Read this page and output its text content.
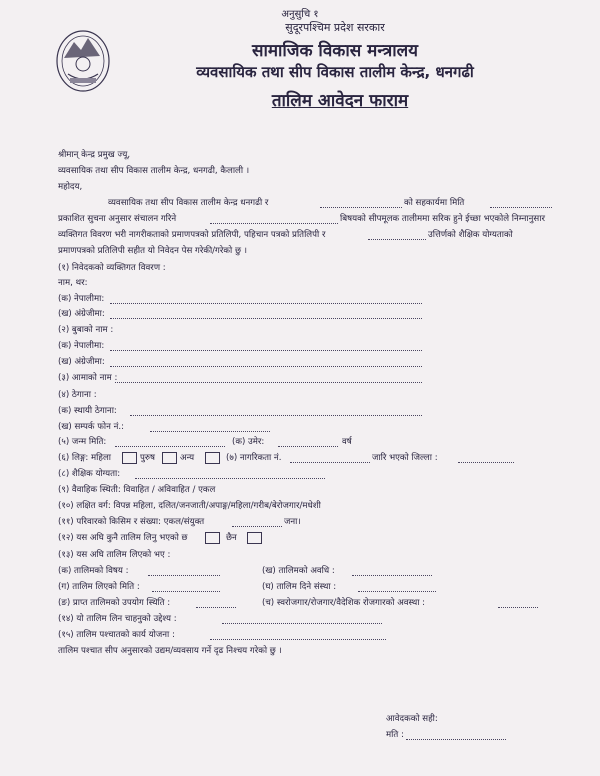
अनुसुचि १
सुदूरपश्चिम प्रदेश सरकार
सामाजिक विकास मन्त्रालय
व्यवसायिक तथा सीप विकास तालीम केन्द्र, धनगढी
तालिम आवेदन फाराम
श्रीमान् केन्द्र प्रमुख ज्यू,
व्यवसायिक तथा सीप विकास तालीम केन्द्र, धनगढी, कैलाली ।
महोदय,
व्यवसायिक तथा सीप विकास तालीम केन्द्र धनगढी र	को सहकार्यमा मिति
प्रकाशित सुचना अनुसार संचालन गरिने	बिषयको सीपमूलक तालीममा सरिक हुने ईच्छा भएकोले निम्नानुसार
व्यक्तिगत विवरण भरी नागरीकताको प्रमाणपत्रको प्रतिलिपी, पहिचान पत्रको प्रतिलिपी र	उत्तिर्णको शैक्षिक योग्यताको
प्रमाणपत्रको प्रतिलिपी सहीत यो निवेदन पेस गरेकी/गरेको छु ।
(१) निवेदकको व्यक्तिगत विवरण :
नाम, थर:
(क) नेपालीमा:
(ख) अंग्रेजीमा:
(२) बुबाको नाम :
(क) नेपालीमा:
(ख) अंग्रेजीमा:
(३) आमाको नाम :
(४) ठेगाना :
(क) स्थायी ठेगाना:
(ख) सम्पर्क फोन नं.:
(५) जन्म मिति:	(क) उमेर:	वर्ष
(६) लिङ्ग: महिला	पुरुष	अन्य	(७) नागरिकता नं.	जारि भएको जिल्ला :
(८) शैक्षिक योग्यता:
(९) वैवाहिक स्थिती: विवाहित / अविवाहित / एकल
(१०) लक्षित वर्ग: विपन्न महिला, दलित/जनजाती/अपाङ्ग/महिला/गरीब/बेरोजगार/मधेशी
(११) परिवारको किसिम र संख्या: एकल/संयुक्त	जना।
(१२) यस अघि कुनै तालिम लिनु भएको छ	छैन
(१३) यस अघि तालिम लिएको भए :
(क) तालिमको विषय :	(ख) तालिमको अवधि :
(ग) तालिम लिएको मिति :	(घ) तालिम दिने संस्था :
(ङ) प्राप्त तालिमको उपयोग स्थिति :	(च) स्वरोजगार/रोजगार/वैदेशिक रोजगारको अवस्था :
(१४) यो तालिम लिन चाहनुको उद्देश्य :
(१५) तालिम पश्चातको कार्य योजना :
तालिम पश्चात सीप अनुसारको उद्यम/व्यवसाय गर्ने दृढ निश्चय गरेको छु ।
आवेदकको सही:
मति :
